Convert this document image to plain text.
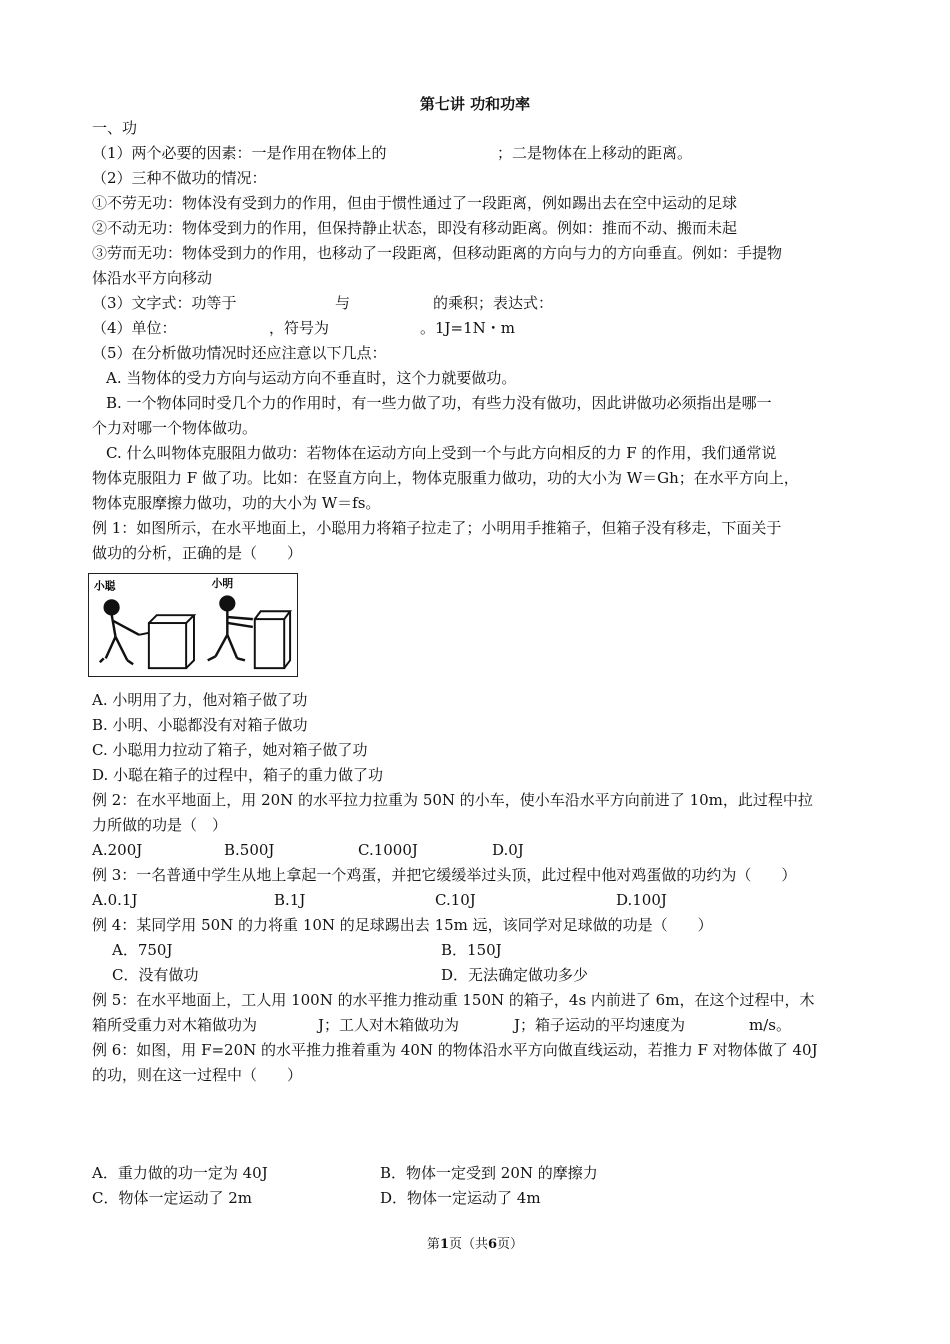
第七讲 功和功率
一、功
（1）两个必要的因素：一是作用在物体上的	；二是物体在上移动的距离。
（2）三种不做功的情况：
①不劳无功：物体没有受到力的作用，但由于惯性通过了一段距离，例如踢出去在空中运动的足球
②不动无功：物体受到力的作用，但保持静止状态，即没有移动距离。例如：推而不动、搬而未起
③劳而无功：物体受到力的作用，也移动了一段距离，但移动距离的方向与力的方向垂直。例如：手提物
体沿水平方向移动
（3）文字式：功等于	与	的乘积；表达式：
（4）单位：	，符号为	。1J=1N・m
（5）在分析做功情况时还应注意以下几点：
A. 当物体的受力方向与运动方向不垂直时，这个力就要做功。
B. 一个物体同时受几个力的作用时，有一些力做了功，有些力没有做功，因此讲做功必须指出是哪一
个力对哪一个物体做功。
C. 什么叫物体克服阻力做功：若物体在运动方向上受到一个与此方向相反的力 F 的作用，我们通常说
物体克服阻力 F 做了功。比如：在竖直方向上，物体克服重力做功，功的大小为 W＝Gh；在水平方向上，
物体克服摩擦力做功，功的大小为 W＝fs。
例 1：如图所示，在水平地面上，小聪用力将箱子拉走了；小明用手推箱子，但箱子没有移走，下面关于
做功的分析，正确的是（　　）
小聪	小明
A. 小明用了力，他对箱子做了功
B. 小明、小聪都没有对箱子做功
C. 小聪用力拉动了箱子，她对箱子做了功
D. 小聪在箱子的过程中，箱子的重力做了功
例 2：在水平地面上，用 20N 的水平拉力拉重为 50N 的小车，使小车沿水平方向前进了 10m，此过程中拉
力所做的功是（　）
A.200J	B.500J	C.1000J	D.0J
例 3：一名普通中学生从地上拿起一个鸡蛋，并把它缓缓举过头顶，此过程中他对鸡蛋做的功约为（　　）
A.0.1J	B.1J	C.10J	D.100J
例 4：某同学用 50N 的力将重 10N 的足球踢出去 15m 远，该同学对足球做的功是（　　）
A．750J	B．150J
C．没有做功	D．无法确定做功多少
例 5：在水平地面上，工人用 100N 的水平推力推动重 150N 的箱子，4s 内前进了 6m，在这个过程中，木
箱所受重力对木箱做功为	J；工人对木箱做功为	J；箱子运动的平均速度为	m/s。
例 6：如图，用 F=20N 的水平推力推着重为 40N 的物体沿水平方向做直线运动，若推力 F 对物体做了 40J
的功，则在这一过程中（　　）
A．重力做的功一定为 40J	B．物体一定受到 20N 的摩擦力
C．物体一定运动了 2m	D．物体一定运动了 4m
第1页（共6页）
